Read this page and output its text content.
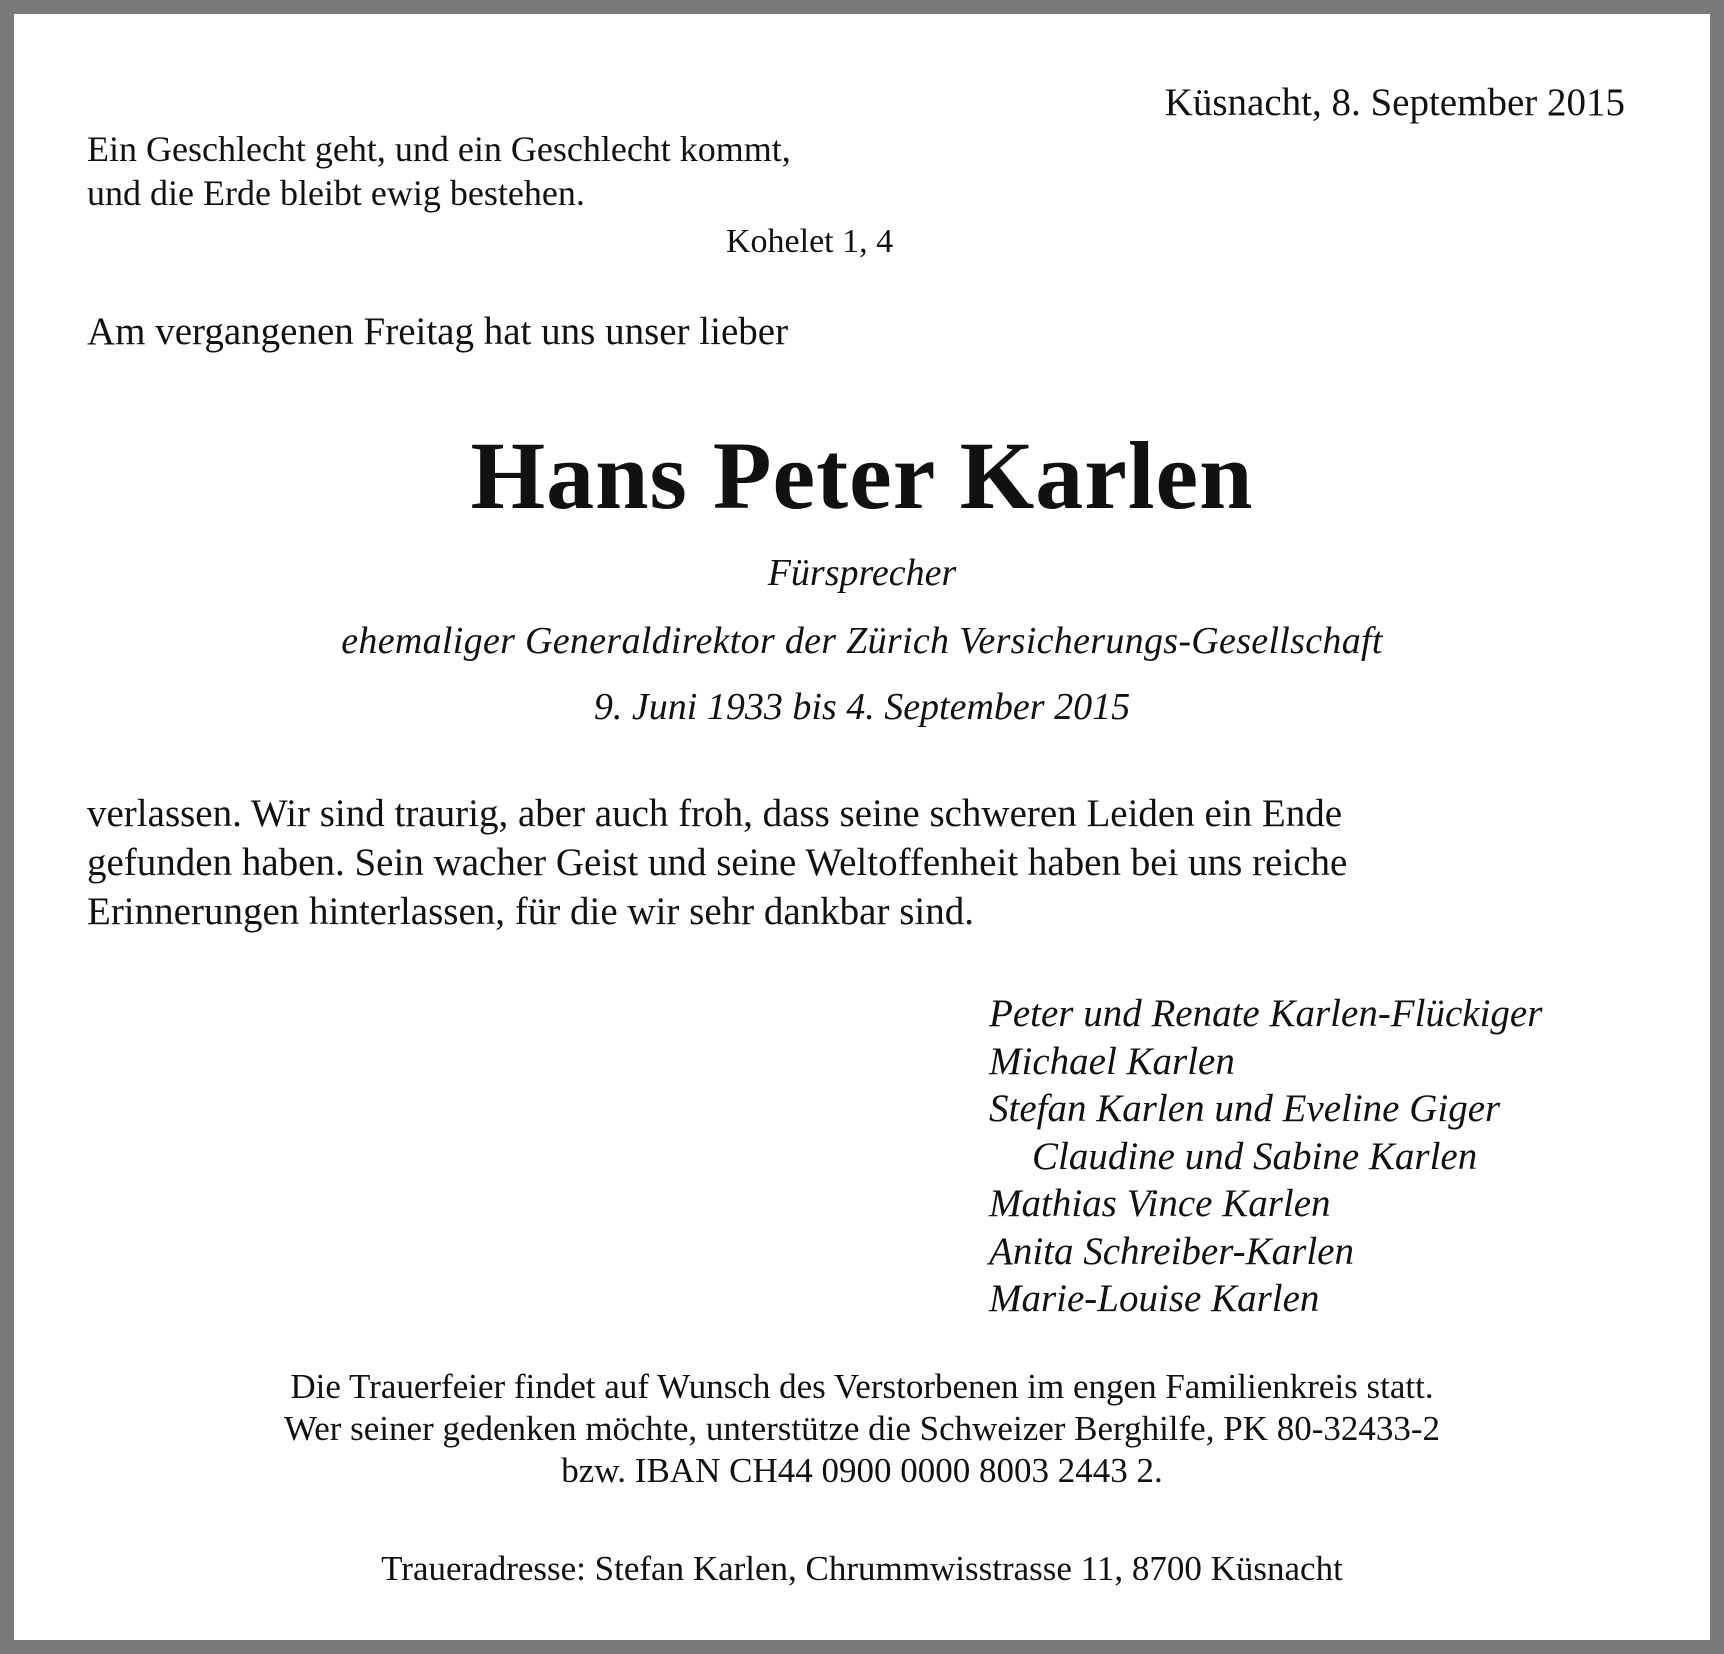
Küsnacht, 8. September 2015
Ein Geschlecht geht, und ein Geschlecht kommt,
und die Erde bleibt ewig bestehen.
Kohelet 1, 4
Am vergangenen Freitag hat uns unser lieber
Hans Peter Karlen
Fürsprecher
ehemaliger Generaldirektor der Zürich Versicherungs-Gesellschaft
9. Juni 1933 bis 4. September 2015
verlassen. Wir sind traurig, aber auch froh, dass seine schweren Leiden ein Ende
gefunden haben. Sein wacher Geist und seine Weltoffenheit haben bei uns reiche
Erinnerungen hinterlassen, für die wir sehr dankbar sind.
Peter und Renate Karlen-Flückiger
Michael Karlen
Stefan Karlen und Eveline Giger
Claudine und Sabine Karlen
Mathias Vince Karlen
Anita Schreiber-Karlen
Marie-Louise Karlen
Die Trauerfeier findet auf Wunsch des Verstorbenen im engen Familienkreis statt.
Wer seiner gedenken möchte, unterstütze die Schweizer Berghilfe, PK 80-32433-2
bzw. IBAN CH44 0900 0000 8003 2443 2.
Traueradresse: Stefan Karlen, Chrummwisstrasse 11, 8700 Küsnacht
